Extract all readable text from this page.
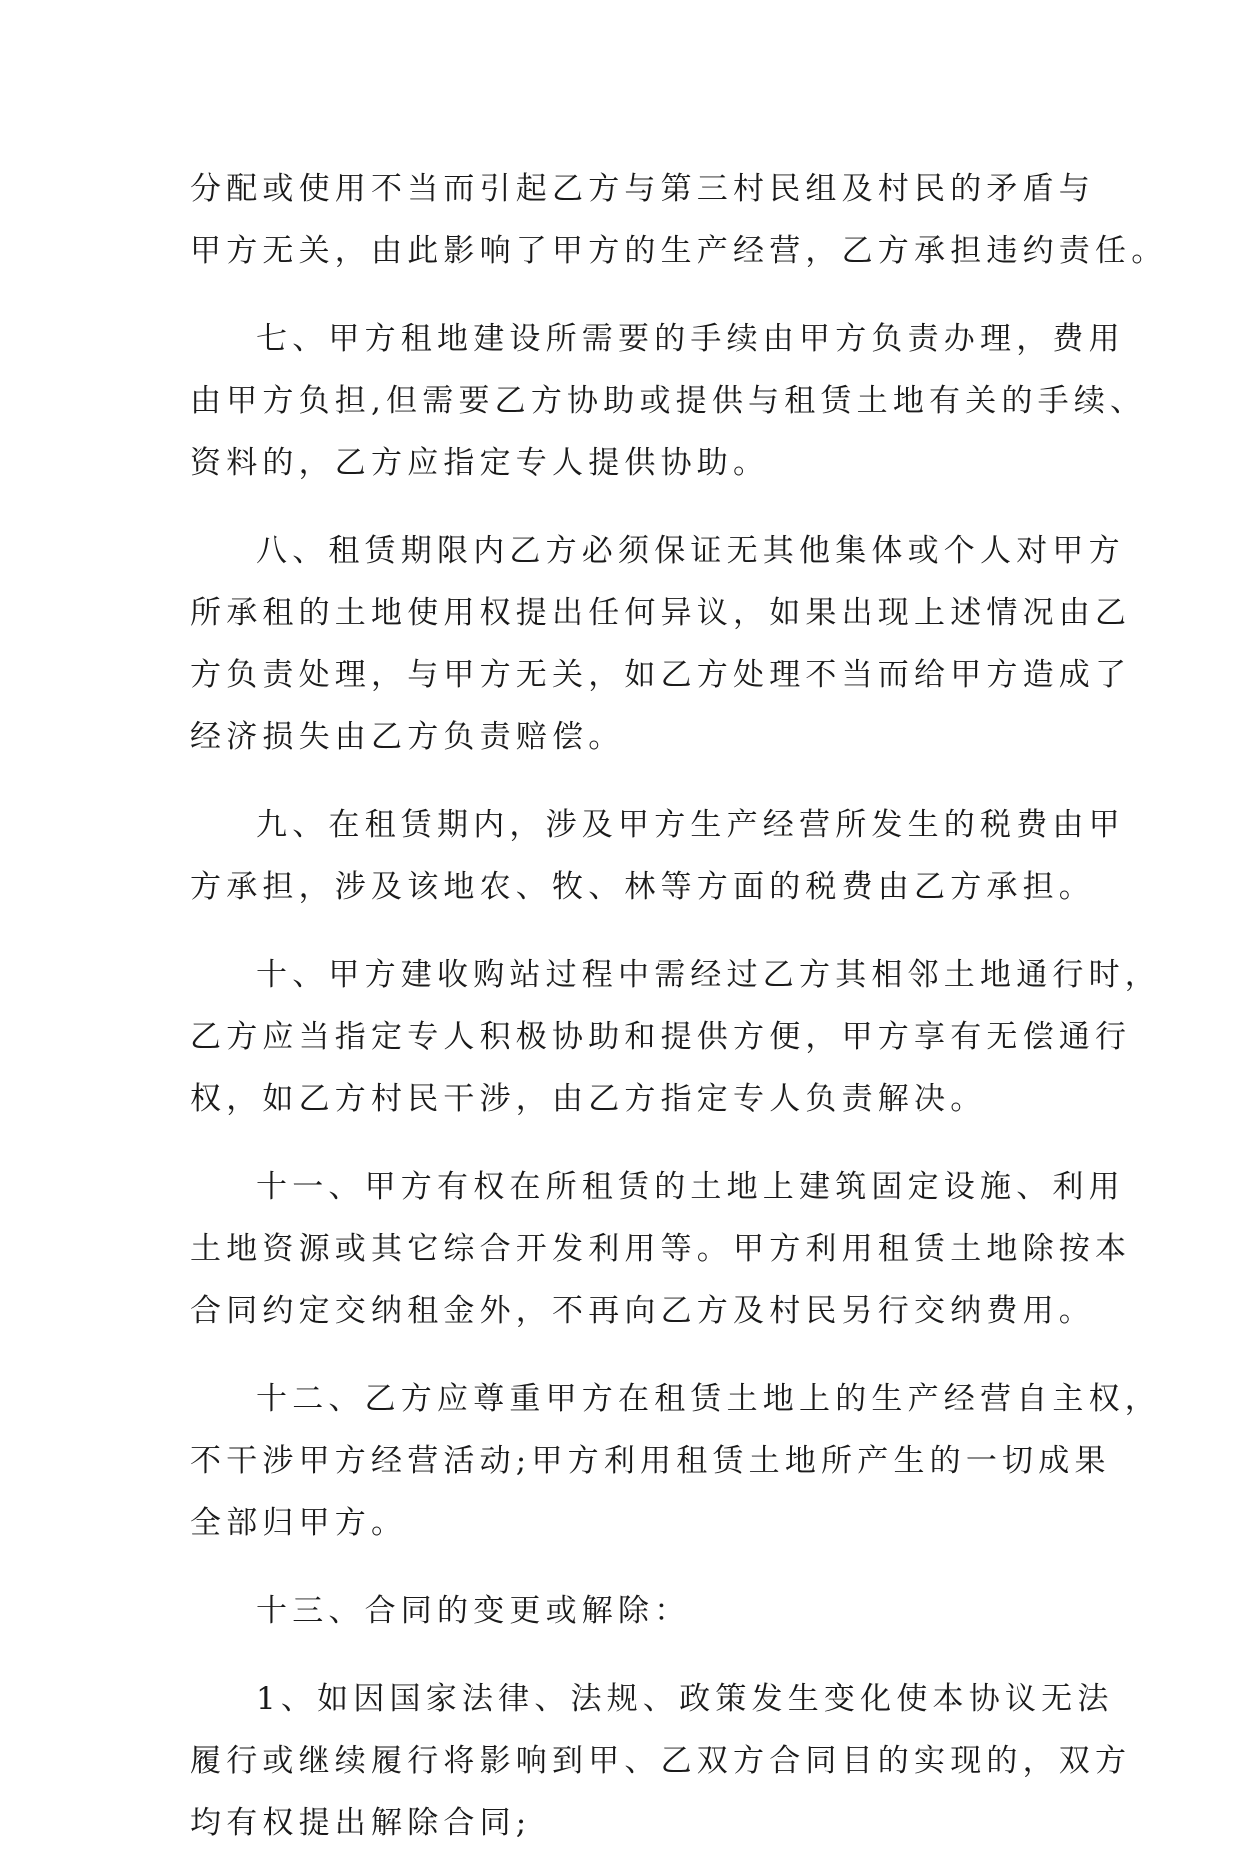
分配或使用不当而引起乙方与第三村民组及村民的矛盾与
甲方无关，由此影响了甲方的生产经营，乙方承担违约责任。
七、甲方租地建设所需要的手续由甲方负责办理，费用
由甲方负担,但需要乙方协助或提供与租赁土地有关的手续、
资料的，乙方应指定专人提供协助。
八、租赁期限内乙方必须保证无其他集体或个人对甲方
所承租的土地使用权提出任何异议，如果出现上述情况由乙
方负责处理，与甲方无关，如乙方处理不当而给甲方造成了
经济损失由乙方负责赔偿。
九、在租赁期内，涉及甲方生产经营所发生的税费由甲
方承担，涉及该地农、牧、林等方面的税费由乙方承担。
十、甲方建收购站过程中需经过乙方其相邻土地通行时，
乙方应当指定专人积极协助和提供方便，甲方享有无偿通行
权，如乙方村民干涉，由乙方指定专人负责解决。
十一、甲方有权在所租赁的土地上建筑固定设施、利用
土地资源或其它综合开发利用等。甲方利用租赁土地除按本
合同约定交纳租金外，不再向乙方及村民另行交纳费用。
十二、乙方应尊重甲方在租赁土地上的生产经营自主权，
不干涉甲方经营活动;甲方利用租赁土地所产生的一切成果
全部归甲方。
十三、合同的变更或解除：
1、如因国家法律、法规、政策发生变化使本协议无法
履行或继续履行将影响到甲、乙双方合同目的实现的，双方
均有权提出解除合同;
